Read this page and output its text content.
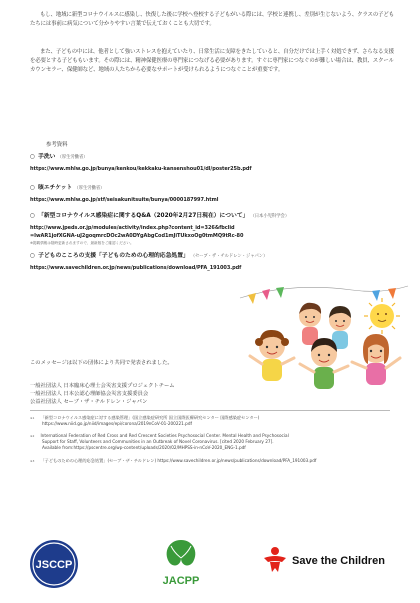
もし、地域に新型コロナウイルスに感染し、快復した後に学校へ登校する子どもがいる際には、学校と連携し、差別が生じないよう、クラスの子どもたちには事前に病気について分かりやすい言葉で伝えておくことも大切です。
また、子どもの中には、他者として強いストレスを抱えていたり、日常生活に支障をきたしていると、自分だけでは上手く対処できず、さらなる支援を必要とする子どももいます。その際には、精神保健医療の専門家につなげる必要があります。すぐに専門家につなぐのが難しい場合は、教員、スクールカウンセラー、保健師など、地域の人たちから必要なサポートが受けられるようにつなぐことが重要です。
参考資料
○ 手洗い （厚生労働省）
https://www.mhlw.go.jp/bunya/kenkou/kekkaku-kansenshou01/dl/poster25b.pdf
○ 咳エチケット （厚生労働省）
https://www.mhlw.go.jp/stf/seisakunitsuite/bunya/0000187997.html
○ 「新型コロナウイルス感染症に関するQ&A（2020年2月27日現在）について」 （日本小児科学会）
http://www.jpeds.or.jp/modules/activity/index.php?content_id=326&fbclid
=IwAR1jofXGNA-uJ2goqmrcDOc2wA0DYgAbgCod1mJiTUkxoOg0tmMQ9tRc-80
※掲載情報は随時更新されますので、最新版をご確認ください。
○ 子どものこころの支援「子どものための心理的応急処置」 （セーブ・ザ・チルドレン・ジャパン）
https://www.savechildren.or.jp/news/publications/download/PFA_191003.pdf
このメッセージは以下の団体により共同で発表されました。
一般社団法人 日本臨床心理士会災害支援プロジェクトチーム
一般社団法人 日本公認心理師協会災害支援委員会
公益社団法人 セーブ・ザ・チルドレン・ジャパン
$^{※1}$ 「新型コロナウイルス感染症に対する感染管理」(国立感染症研究所 国立国際医療研究センター 国際感染症センター)
https://www.niid.go.jp/niid/images/epi/corona/2019nCoV-01-200221.pdf
$^{※2}$ International Federation of Red Cross and Red Crescent Societies Psychosocial Center. Mental Health and Psychosocial
Support for Staff, Volunteers and Communities in an Outbreak of Novel Coronavirus. [cited 2020 February 27].
Available from:https://pscentre.org/wp-content/uploads/2020/02/MHPSS-in-nCoV-2020_ENG-1.pdf
$^{※3}$ 「子どものための心理的応急処置」(セーブ・ザ・チルドレン) https://www.savechildren.or.jp/news/publications/download/PFA_191003.pdf
JSCCP
JACPP
Save the Children
